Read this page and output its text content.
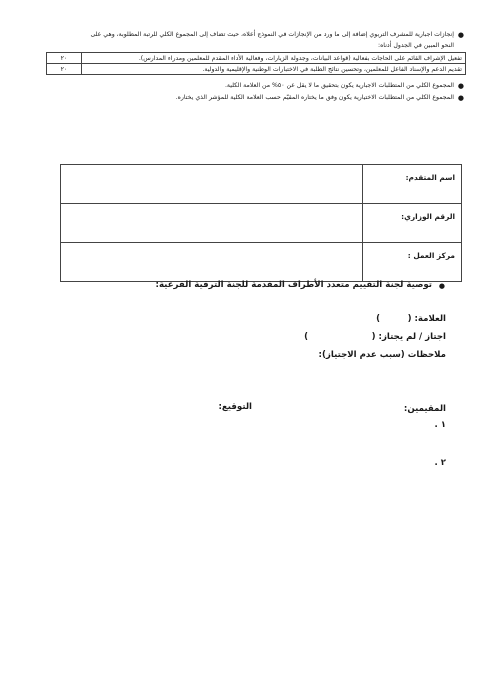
●
إنجازات اجبارية للمشرف التربوي إضافة إلى ما ورد من الإنجازات في النموذج أعلاه، حيث تضاف إلى المجموع الكلي للرتبة المطلوبة، وهي على
النحو المبين في الجدول أدناه:
تفعيل الإشراف القائم على الحاجات بفعالية (قواعد البيانات، وجدولة الزيارات، وفعالية الأداء المقدم للمعلمين ومدراء المدارس).	٢٠
تقديم الدعم والإسناد الفاعل للمعلمين، وتحسين نتائج الطلبة في الاختبارات الوطنية والإقليمية والدولية.	٢٠
●
المجموع الكلي من المتطلبات الاجبارية يكون بتحقيق ما لا يقل عن ٥٠% من العلامة الكلية.
●
المجموع الكلي من المتطلبات الاختيارية يكون وفق ما يختاره المقيّم حسب العلامة الكلية للمؤشر الذي يختاره.
اسم المتقدم:	
الرقم الوزاري:	
مركز العمل :	
●
توصية لجنة التقييم متعدد الأطراف المقدمة للجنة الترقية الفرعية:
العلامة: (
)
اجتاز / لم يجتاز: (
)
ملاحظات (سبب عدم الاجتياز):
المقيمين:
التوقيع:
١ .
٢ .
